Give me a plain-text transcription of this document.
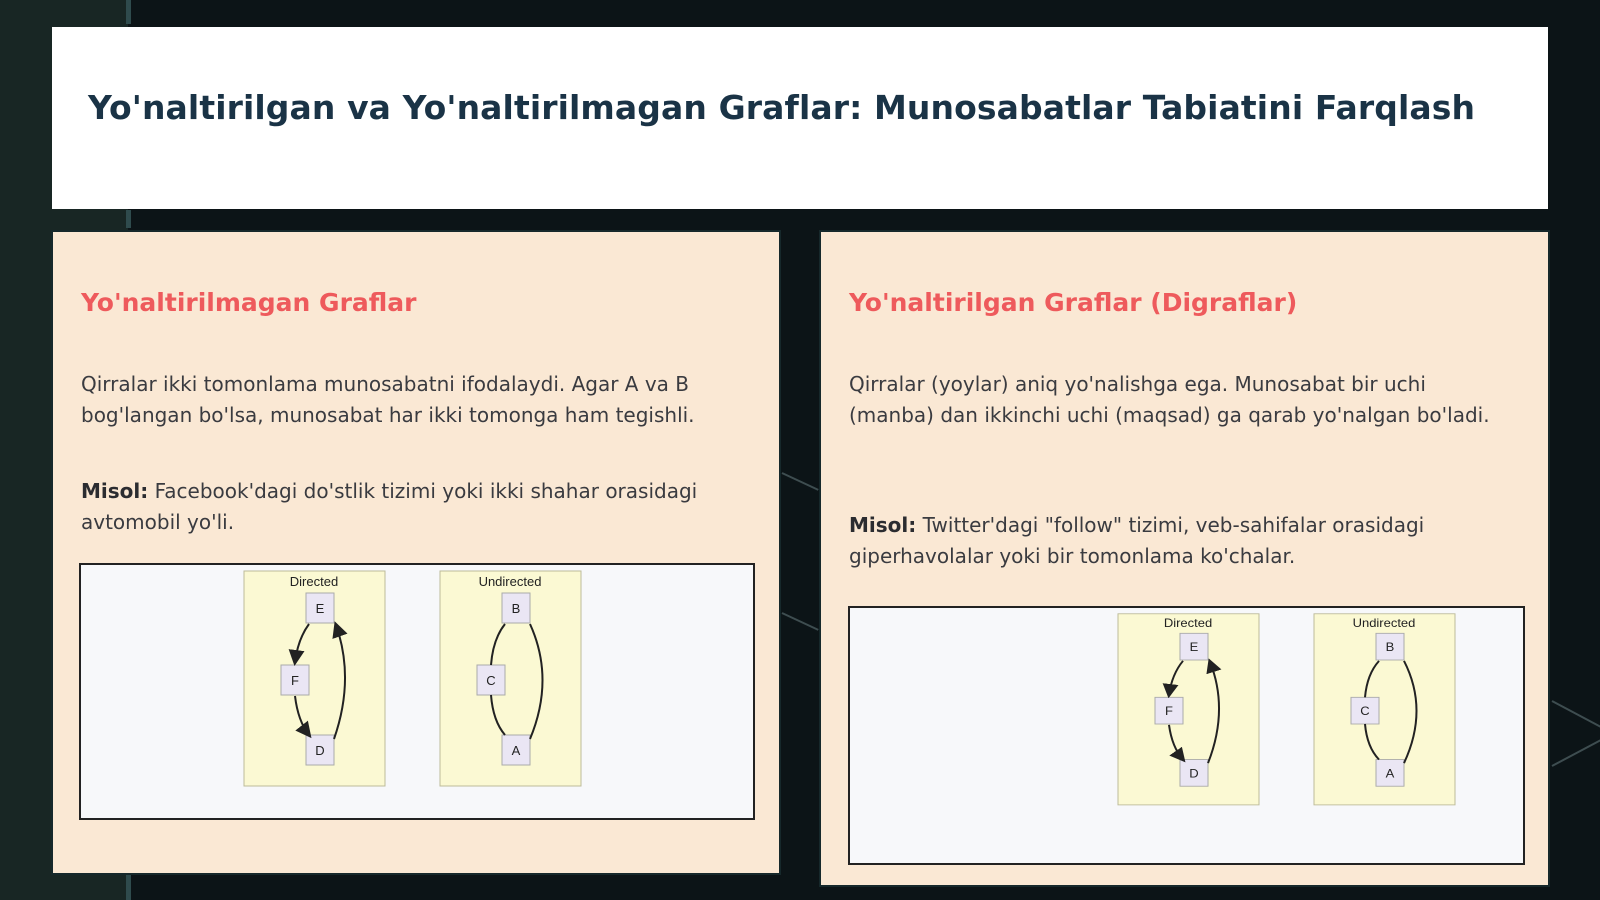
Yo'naltirilgan va Yo'naltirilmagan Graflar: Munosabatlar Tabiatini Farqlash
Yo'naltirilmagan Graflar

Qirralar ikki tomonlama munosabatni ifodalaydi. Agar A va B bog'langan bo'lsa, munosabat har ikki tomonga ham tegishli.

Misol: Facebook'dagi do'stlik tizimi yoki ikki shahar orasidagi avtomobil yo'li.

Directed
E
F
D
Undirected
B
C
A
Yo'naltirilgan Graflar (Digraflar)

Qirralar (yoylar) aniq yo'nalishga ega. Munosabat bir uchi (manba) dan ikkinchi uchi (maqsad) ga qarab yo'nalgan bo'ladi.

Misol: Twitter'dagi "follow" tizimi, veb-sahifalar orasidagi giperhavolalar yoki bir tomonlama ko'chalar.

Directed
E
F
D
Undirected
B
C
A
